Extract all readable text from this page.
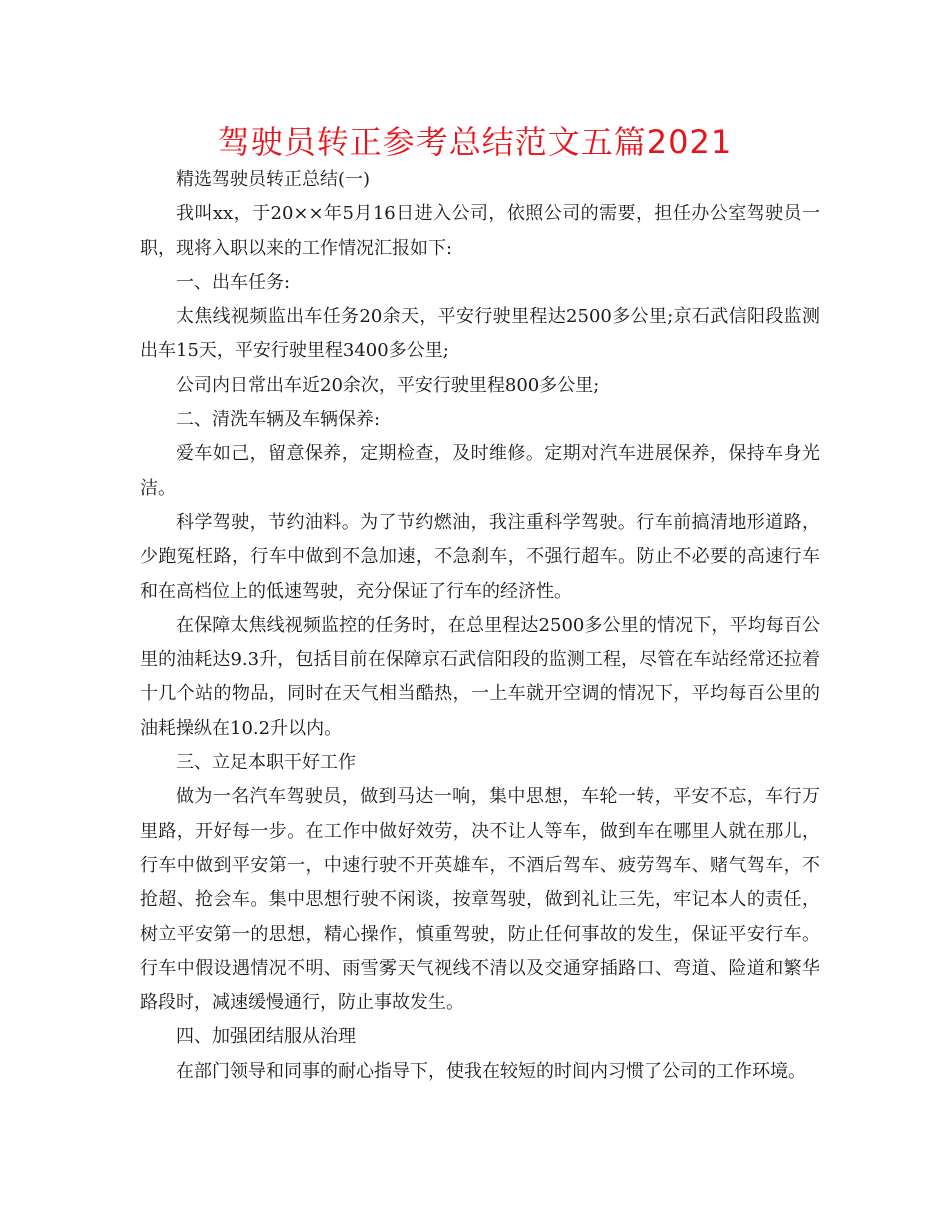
驾驶员转正参考总结范文五篇2021

精选驾驶员转正总结(一)

我叫xx，于20××年5月16日进入公司，依照公司的需要，担任办公室驾驶员一职，现将入职以来的工作情况汇报如下:

一、出车任务:

太焦线视频监出车任务20余天，平安行驶里程达2500多公里;京石武信阳段监测出车15天，平安行驶里程3400多公里;

公司内日常出车近20余次，平安行驶里程800多公里;

二、清洗车辆及车辆保养:

爱车如己，留意保养，定期检查，及时维修。定期对汽车进展保养，保持车身光洁。

科学驾驶，节约油料。为了节约燃油，我注重科学驾驶。行车前搞清地形道路，少跑冤枉路，行车中做到不急加速，不急刹车，不强行超车。防止不必要的高速行车和在高档位上的低速驾驶，充分保证了行车的经济性。

在保障太焦线视频监控的任务时，在总里程达2500多公里的情况下，平均每百公里的油耗达9.3升，包括目前在保障京石武信阳段的监测工程，尽管在车站经常还拉着十几个站的物品，同时在天气相当酷热，一上车就开空调的情况下，平均每百公里的油耗操纵在10.2升以内。

三、立足本职干好工作

做为一名汽车驾驶员，做到马达一响，集中思想，车轮一转，平安不忘，车行万里路，开好每一步。在工作中做好效劳，决不让人等车，做到车在哪里人就在那儿，行车中做到平安第一，中速行驶不开英雄车，不酒后驾车、疲劳驾车、赌气驾车，不抢超、抢会车。集中思想行驶不闲谈，按章驾驶，做到礼让三先，牢记本人的责任，树立平安第一的思想，精心操作，慎重驾驶，防止任何事故的发生，保证平安行车。行车中假设遇情况不明、雨雪雾天气视线不清以及交通穿插路口、弯道、险道和繁华路段时，减速缓慢通行，防止事故发生。

四、加强团结服从治理

在部门领导和同事的耐心指导下，使我在较短的时间内习惯了公司的工作环境。
